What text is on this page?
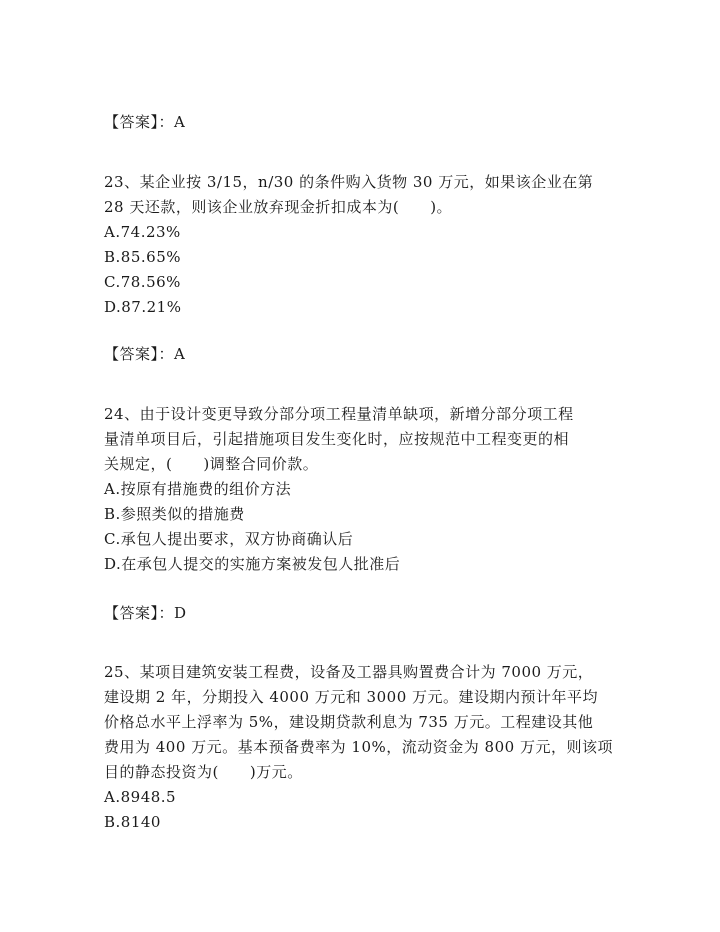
【答案】：A
23、某企业按 3/15，n/30 的条件购入货物 30 万元，如果该企业在第
28 天还款，则该企业放弃现金折扣成本为(　　)。
A.74.23%
B.85.65%
C.78.56%
D.87.21%
【答案】：A
24、由于设计变更导致分部分项工程量清单缺项，新增分部分项工程
量清单项目后，引起措施项目发生变化时，应按规范中工程变更的相
关规定，(　　)调整合同价款。
A.按原有措施费的组价方法
B.参照类似的措施费
C.承包人提出要求，双方协商确认后
D.在承包人提交的实施方案被发包人批准后
【答案】：D
25、某项目建筑安装工程费，设备及工器具购置费合计为 7000 万元，
建设期 2 年，分期投入 4000 万元和 3000 万元。建设期内预计年平均
价格总水平上浮率为 5%，建设期贷款利息为 735 万元。工程建设其他
费用为 400 万元。基本预备费率为 10%，流动资金为 800 万元，则该项
目的静态投资为(　　)万元。
A.8948.5
B.8140
